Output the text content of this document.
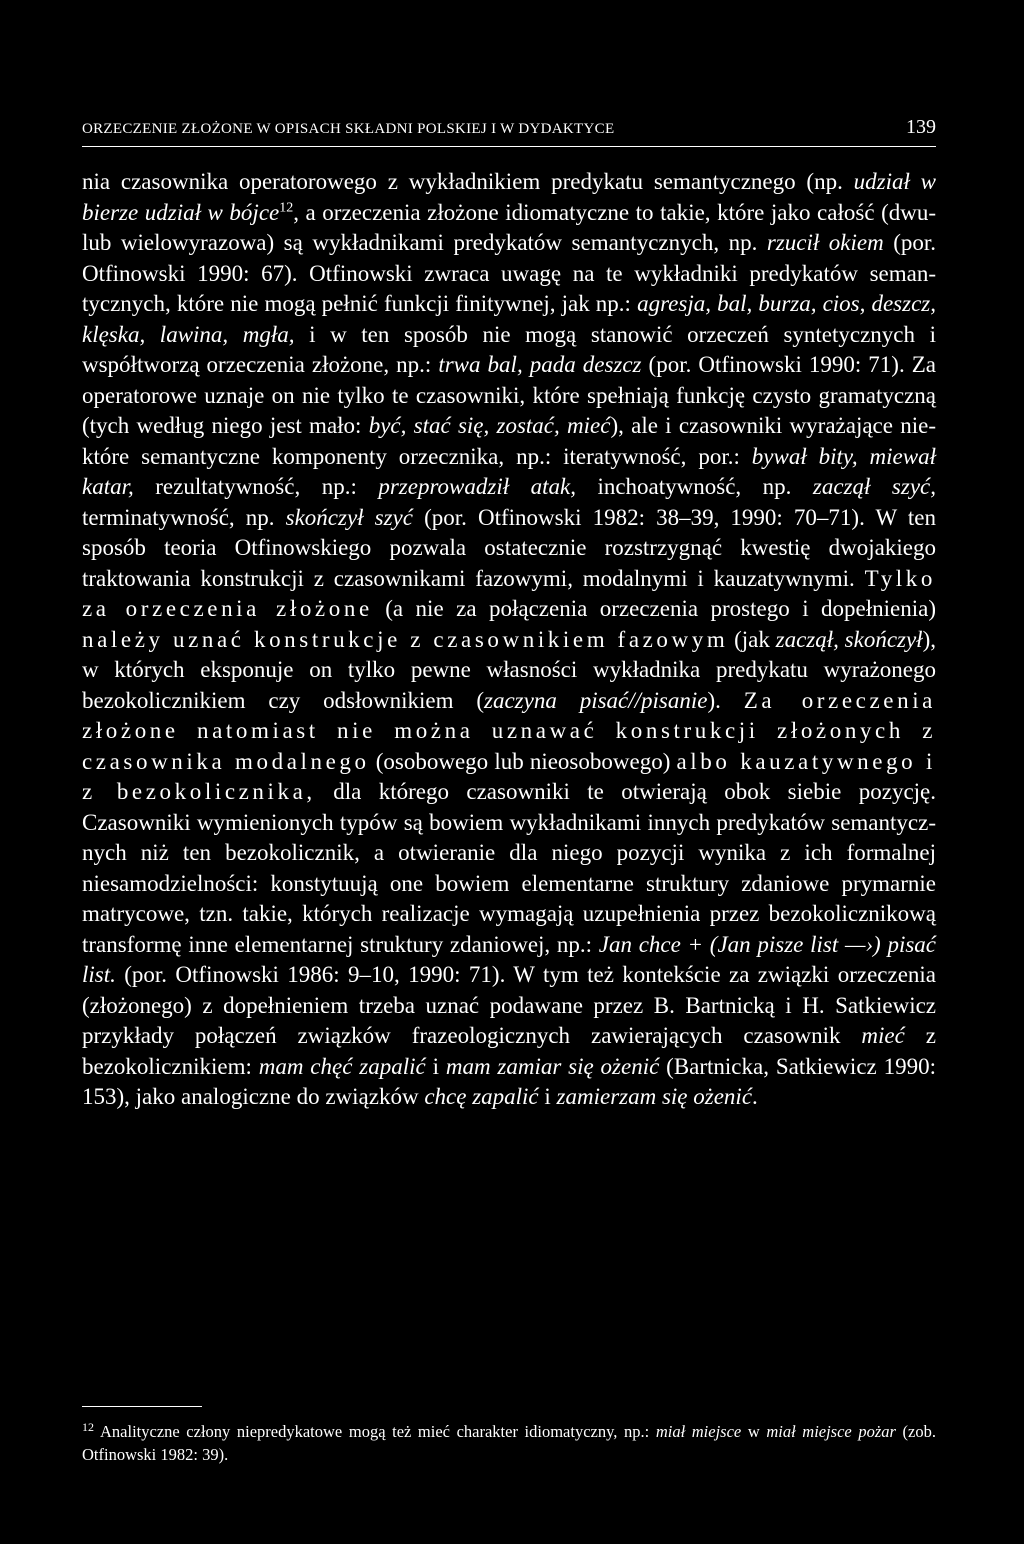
ORZECZENIE ZŁOŻONE W OPISACH SKŁADNI POLSKIEJ I W DYDAKTYCE	139

nia czasownika operatorowego z wykładnikiem predykatu semantycznego (np. udział w bierze udział w bójce$^{12}$, a orzeczenia złożone idiomatyczne to takie, które jako całość (dwu- lub wielowyrazowa) są wykładnikami predykatów semantycznych, np. rzucił okiem (por. Otfinowski 1990: 67). Otfinowski zwraca uwagę na te wykładniki predykatów semantycznych, które nie mogą pełnić funkcji finitywnej, jak np.: agresja, bal, burza, cios, deszcz, klęska, lawina, mgła, i w ten sposób nie mogą stanowić orzeczeń syntetycznych i współtworzą orzeczenia złożone, np.: trwa bal, pada deszcz (por. Otfinowski 1990: 71). Za operatorowe uznaje on nie tylko te czasowniki, które spełniają funkcję czysto gramatyczną (tych według niego jest mało: być, stać się, zostać, mieć), ale i czasowniki wyrażające niektóre semantyczne komponenty orzecznika, np.: iteratywność, por.: bywał bity, miewał katar, rezultatywność, np.: przeprowadził atak, inchoatywność, np. zaczął szyć, terminatywność, np. skończył szyć (por. Otfinowski 1982: 38–39, 1990: 70–71). W ten sposób teoria Otfinowskiego pozwala ostatecznie rozstrzygnąć kwestię dwojakiego traktowania konstrukcji z czasownikami fazowymi, modalnymi i kauzatywnymi. Tylko za orzeczenia złożone (a nie za połączenia orzeczenia prostego i dopełnienia) należy uznać konstrukcje z czasownikiem fazowym (jak zaczął, skończył), w których eksponuje on tylko pewne własności wykładnika predykatu wyrażonego bezokolicznikiem czy odsłownikiem (zaczyna pisać//pisanie). Za orzeczenia złożone natomiast nie można uznawać konstrukcji złożonych z czasownika modalnego (osobowego lub nieosobowego) albo kauzatywnego i z bezokolicznika, dla którego czasowniki te otwierają obok siebie pozycję. Czasowniki wymienionych typów są bowiem wykładnikami innych predykatów semantycznych niż ten bezokolicznik, a otwieranie dla niego pozycji wynika z ich formalnej niesamodzielności: konstytuują one bowiem elementarne struktury zdaniowe prymarnie matrycowe, tzn. takie, których realizacje wymagają uzupełnienia przez bezokolicznikową transformę inne elementarnej struktury zdaniowej, np.: Jan chce + (Jan pisze list —›) pisać list. (por. Otfinowski 1986: 9–10, 1990: 71). W tym też kontekście za związki orzeczenia (złożonego) z dopełnieniem trzeba uznać podawane przez B. Bartnicką i H. Satkiewicz przykłady połączeń związków frazeologicznych zawierających czasownik mieć z bezokolicznikiem: mam chęć zapalić i mam zamiar się ożenić (Bartnicka, Satkiewicz 1990: 153), jako analogiczne do związków chcę zapalić i zamierzam się ożenić.

$^{12}$ Analityczne człony niepredykatowe mogą też mieć charakter idiomatyczny, np.: miał miejsce w miał miejsce pożar (zob. Otfinowski 1982: 39).
